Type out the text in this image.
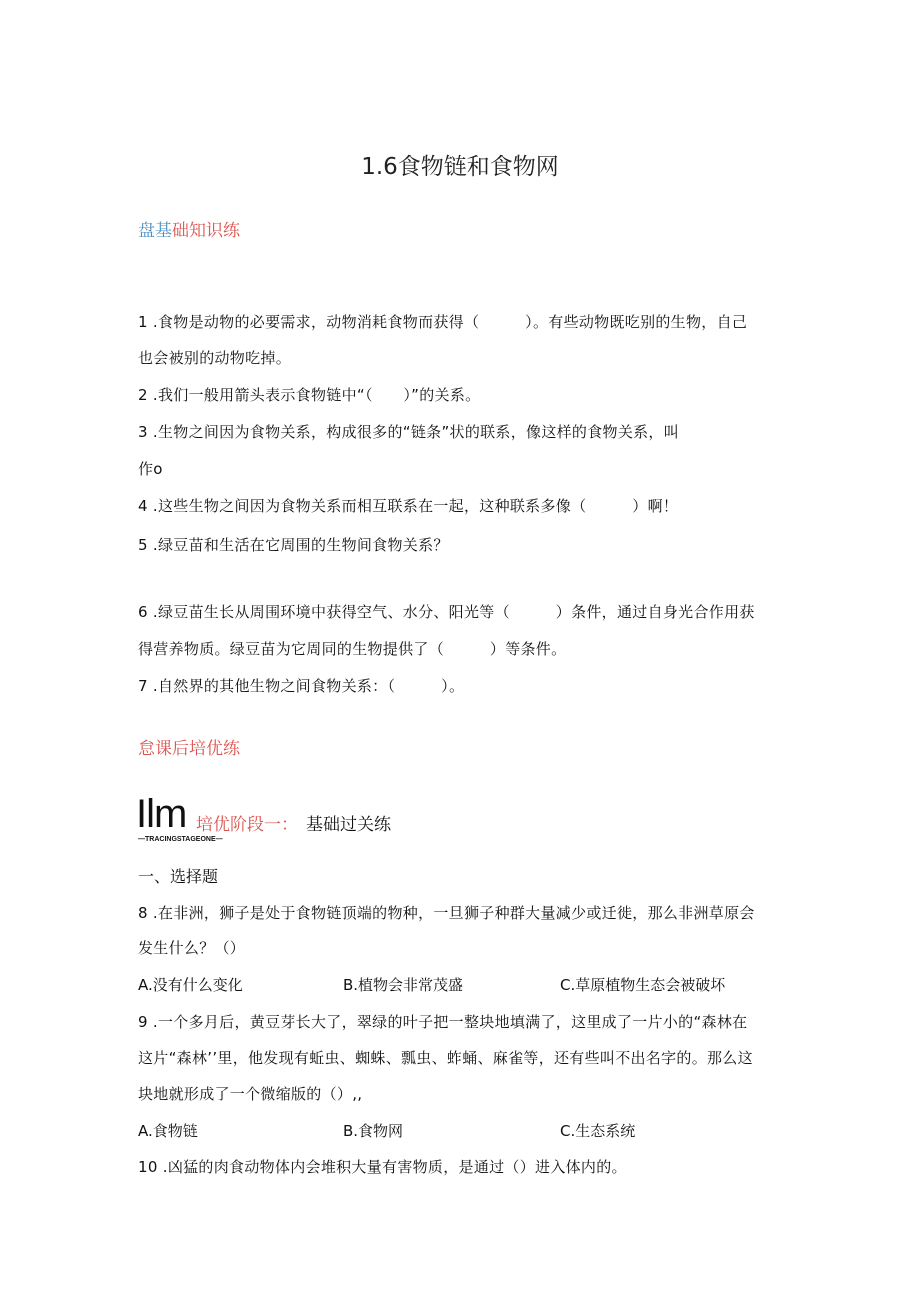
1.6食物链和食物网
盘基础知识练
1 .食物是动物的必要需求，动物消耗食物而获得（　　　）。有些动物既吃别的生物，自己
也会被别的动物吃掉。
2 .我们一般用箭头表示食物链中“（　　）”的关系。
3 .生物之间因为食物关系，构成很多的“链条”状的联系，像这样的食物关系，叫
作o
4 .这些生物之间因为食物关系而相互联系在一起，这种联系多像（　　　）啊！
5 .绿豆苗和生活在它周围的生物间食物关系？
6 .绿豆苗生长从周围环境中获得空气、水分、阳光等（　　　）条件，通过自身光合作用获
得营养物质。绿豆苗为它周同的生物提供了（　　　）等条件。
7 .自然界的其他生物之间食物关系：（　　　）。
怠课后培优练
Ilm 培优阶段一： 基础过关练
—TRACINGSTAGEONE—
一、选择题
8 .在非洲，狮子是处于食物链顶端的物种，一旦狮子种群大量减少或迁徙，那么非洲草原会
发生什么？（）
A.没有什么变化	B.植物会非常茂盛	C.草原植物生态会被破坏
9 .一个多月后，黄豆芽长大了，翠绿的叶子把一整块地填满了，这里成了一片小的“森林在
这片“森林’’里，他发现有蚯虫、蜘蛛、瓢虫、蚱蛹、麻雀等，还有些叫不出名字的。那么这
块地就形成了一个微缩版的（）,,
A.食物链	B.食物网	C.生态系统
10 .凶猛的肉食动物体内会堆积大量有害物质，是通过（）进入体内的。
